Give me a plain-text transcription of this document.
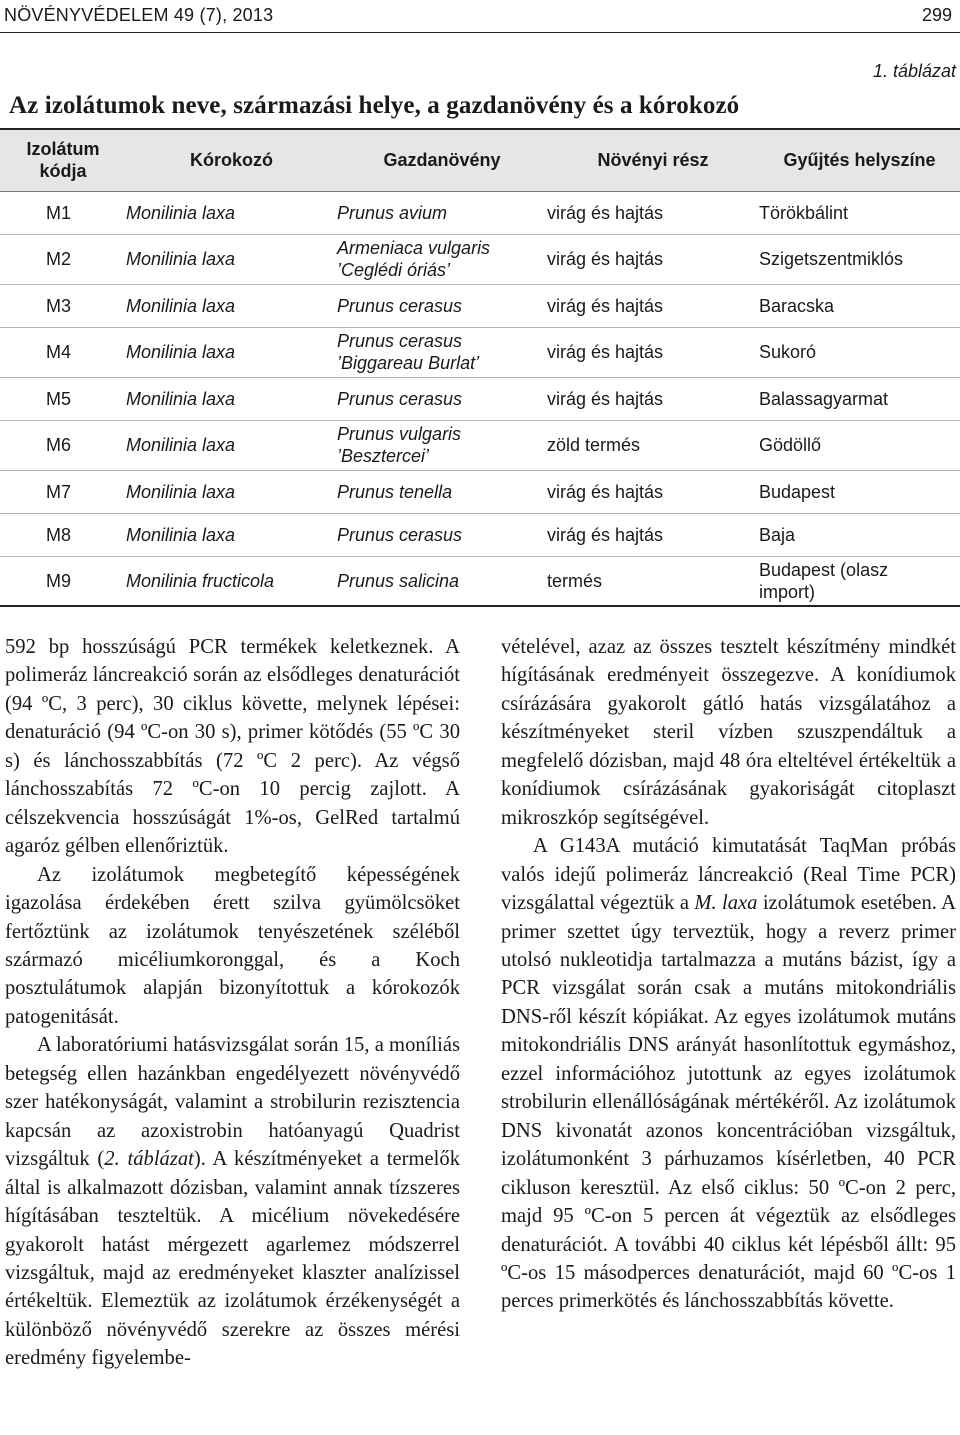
NÖVÉNYVÉDELEM 49 (7), 2013	299
1. táblázat
Az izolátumok neve, származási helye, a gazdanövény és a kórokozó
Izolátum
kódja	Kórokozó	Gazdanövény	Növényi rész	Gyűjtés helyszíne
M1	Monilinia laxa	Prunus avium	virág és hajtás	Törökbálint

M2	Monilinia laxa	Armeniaca vulgaris
’Ceglédi óriás’	virág és hajtás	Szigetszentmiklós

M3	Monilinia laxa	Prunus cerasus	virág és hajtás	Baracska

M4	Monilinia laxa	Prunus cerasus
’Biggareau Burlat’	virág és hajtás	Sukoró

M5	Monilinia laxa	Prunus cerasus	virág és hajtás	Balassagyarmat

M6	Monilinia laxa	Prunus vulgaris
’Besztercei’	zöld termés	Gödöllő

M7	Monilinia laxa	Prunus tenella	virág és hajtás	Budapest

M8	Monilinia laxa	Prunus cerasus	virág és hajtás	Baja

M9	Monilinia fructicola	Prunus salicina	termés	Budapest (olasz
import)

592 bp hosszúságú PCR termékek keletkeznek. A polimeráz láncreakció során az elsődleges denaturációt (94 ºC, 3 perc), 30 ciklus követte, melynek lépései: denaturáció (94 ºC-on 30 s), primer kötődés (55 ºC 30 s) és lánchosszabbítás (72 ºC 2 perc). Az végső lánchosszabítás 72 ºC-on 10 percig zajlott. A célszekvencia hosszúságát 1%-os, GelRed tartalmú agaróz gélben ellenőriztük.

Az izolátumok megbetegítő képességének igazolása érdekében érett szilva gyümölcsöket fertőztünk az izolátumok tenyészetének széléből származó micéliumkoronggal, és a Koch posztulátumok alapján bizonyítottuk a kórokozók patogenitását.

A laboratóriumi hatásvizsgálat során 15, a moníliás betegség ellen hazánkban engedélyezett növényvédő szer hatékonyságát, valamint a strobilurin rezisztencia kapcsán az azoxistrobin hatóanyagú Quadrist vizsgáltuk (2. táblázat). A készítményeket a termelők által is alkalmazott dózisban, valamint annak tízszeres hígításában teszteltük. A micélium növekedésére gyakorolt hatást mérgezett agarlemez módszerrel vizsgáltuk, majd az eredményeket klaszter analízissel értékeltük. Elemeztük az izolátumok érzékenységét a különböző növényvédő szerekre az összes mérési eredmény figyelembe-

vételével, azaz az összes tesztelt készítmény mindkét hígításának eredményeit összegezve. A konídiumok csírázására gyakorolt gátló hatás vizsgálatához a készítményeket steril vízben szuszpendáltuk a megfelelő dózisban, majd 48 óra elteltével értékeltük a konídiumok csírázásának gyakoriságát citoplaszt mikroszkóp segítségével.

A G143A mutáció kimutatását TaqMan próbás valós idejű polimeráz láncreakció (Real Time PCR) vizsgálattal végeztük a M. laxa izolátumok esetében. A primer szettet úgy terveztük, hogy a reverz primer utolsó nukleotidja tartalmazza a mutáns bázist, így a PCR vizsgálat során csak a mutáns mitokondriális DNS-ről készít kópiákat. Az egyes izolátumok mutáns mitokondriális DNS arányát hasonlítottuk egymáshoz, ezzel információhoz jutottunk az egyes izolátumok strobilurin ellenállóságának mértékéről. Az izolátumok DNS kivonatát azonos koncentrációban vizsgáltuk, izolátumonként 3 párhuzamos kísérletben, 40 PCR cikluson keresztül. Az első ciklus: 50 ºC-on 2 perc, majd 95 ºC-on 5 percen át végeztük az elsődleges denaturációt. A további 40 ciklus két lépésből állt: 95 ºC-os 15 másodperces denaturációt, majd 60 ºC-os 1 perces primerkötés és lánchosszabbítás követte.
